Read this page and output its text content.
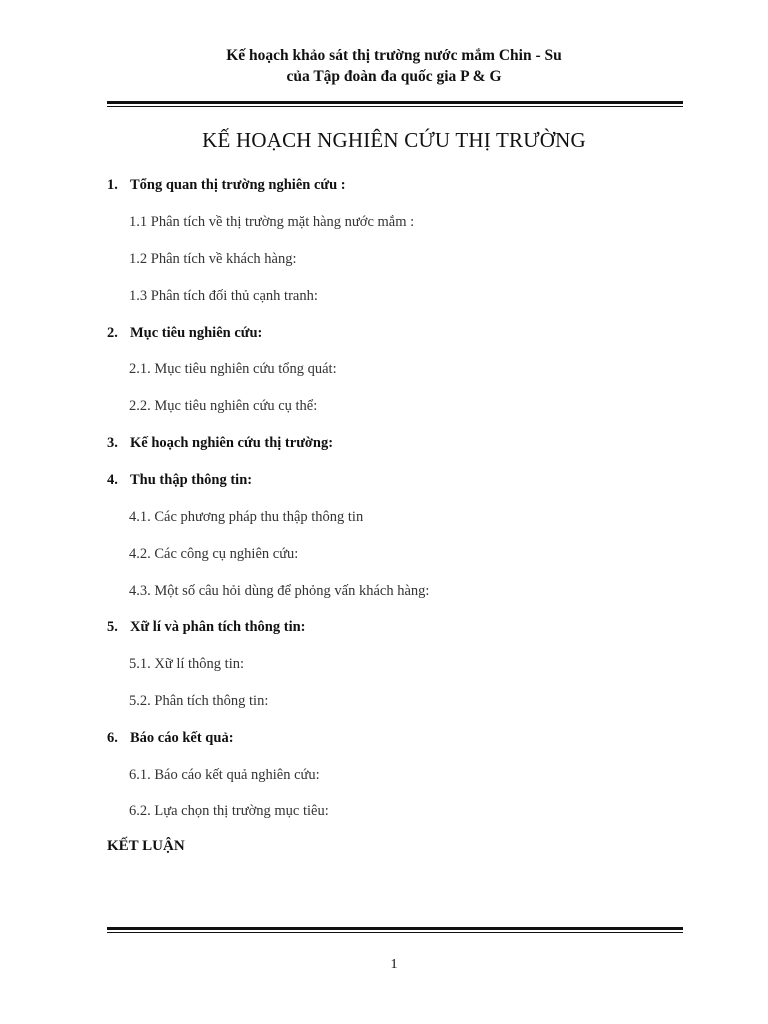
Kế hoạch khảo sát thị trường nước mắm Chin - Su
của Tập đoàn đa quốc gia P & G
KẾ HOẠCH NGHIÊN CỨU THỊ TRƯỜNG
1. Tổng quan thị trường nghiên cứu :
1.1 Phân tích về thị trường mặt hàng nước mắm :
1.2 Phân tích về khách hàng:
1.3 Phân tích đối thủ cạnh tranh:
2. Mục tiêu nghiên cứu:
2.1. Mục tiêu nghiên cứu tổng quát:
2.2. Mục tiêu nghiên cứu cụ thể:
3. Kế hoạch nghiên cứu thị trường:
4. Thu thập thông tin:
4.1. Các phương pháp thu thập thông tin
4.2. Các công cụ nghiên cứu:
4.3. Một số câu hỏi dùng để phỏng vấn khách hàng:
5. Xữ lí và phân tích thông tin:
5.1. Xữ lí thông tin:
5.2. Phân tích thông tin:
6. Báo cáo kết quả:
6.1. Báo cáo kết quả nghiên cứu:
6.2. Lựa chọn thị trường mục tiêu:
KẾT LUẬN
1
